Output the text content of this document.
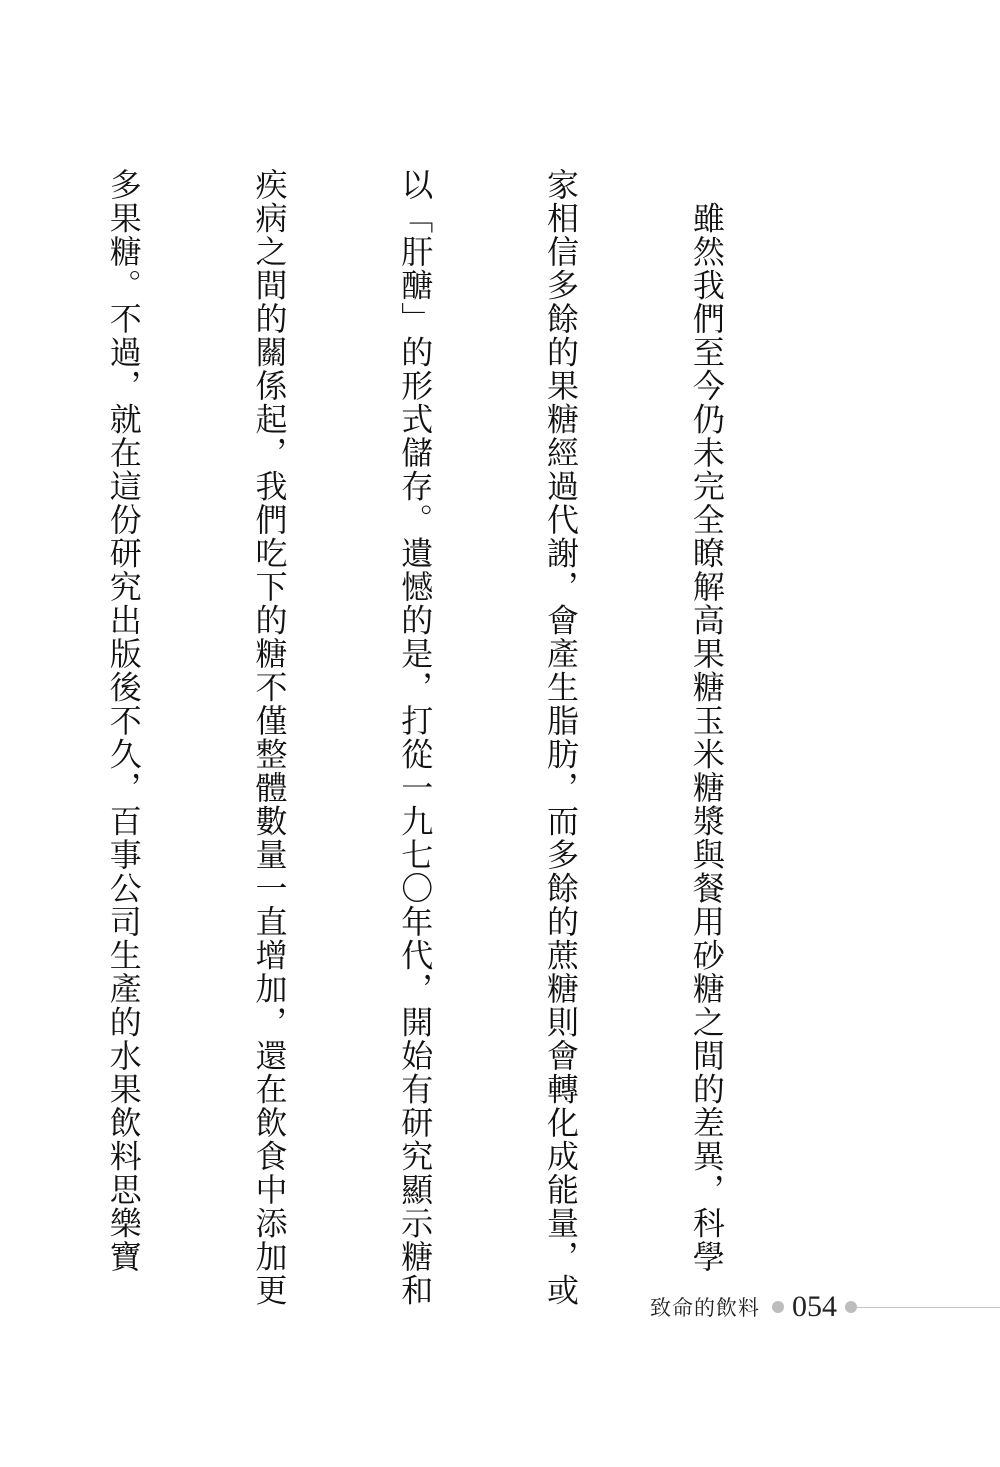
　雖然我們至今仍未完全瞭解高果糖玉米糖漿與餐用砂糖之間的差異，科學

家相信多餘的果糖經過代謝，會產生脂肪，而多餘的蔗糖則會轉化成能量，或

以「肝醣」的形式儲存。遺憾的是，打從一九七〇年代，開始有研究顯示糖和

疾病之間的關係起，我們吃下的糖不僅整體數量一直增加，還在飲食中添加更

多果糖。不過，就在這份研究出版後不久，百事公司生產的水果飲料思樂寶

致命的飲料 054
